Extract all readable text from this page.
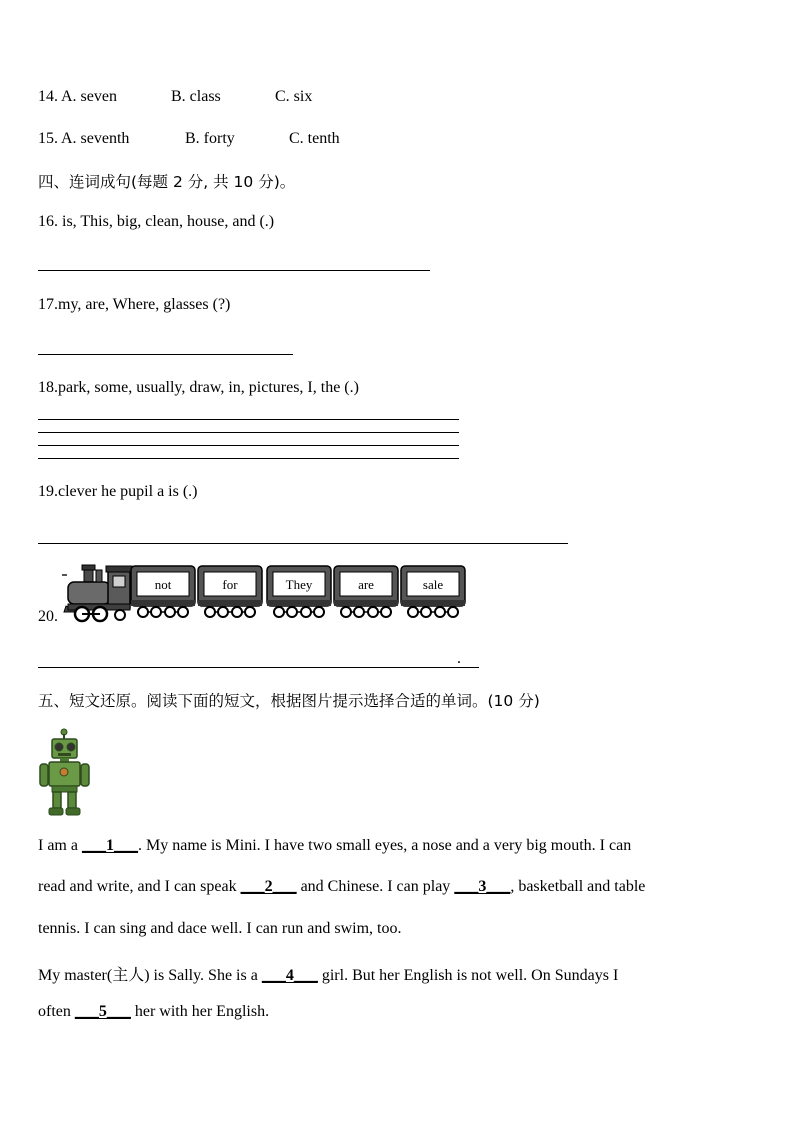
14. A. seven	B. class	C. six
15. A. seventh	B. forty	C. tenth
四、连词成句(每题 2 分, 共 10 分)。
16. is, This, big, clean, house, and (.)
17.my, are, Where, glasses (?)
18.park, some, usually, draw, in, pictures, I, the (.)
19.clever he pupil a is (.)
20.
not	for	They	are	sale
.
五、短文还原。阅读下面的短文，根据图片提示选择合适的单词。(10 分)
I am a ___1___. My name is Mini. I have two small eyes, a nose and a very big mouth. I can
read and write, and I can speak ___2___ and Chinese. I can play ___3___, basketball and table
tennis. I can sing and dace well. I can run and swim, too.
My master(主人) is Sally. She is a ___4___ girl. But her English is not well. On Sundays I
often ___5___ her with her English.
